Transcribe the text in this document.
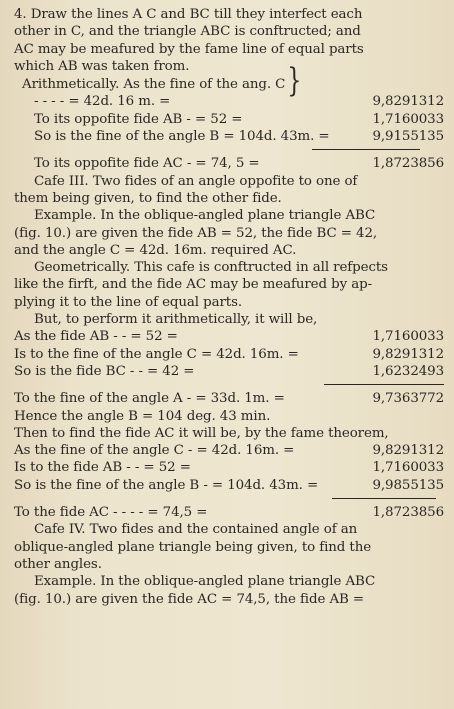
4. Draw the lines A C and BC till they interfect each
other in C, and the triangle ABC is conftructed; and
AC may be meafured by the fame line of equal parts
which AB was taken from.
Arithmetically. As the fine of the ang. C}
- - - - = 42d. 16 m. =	9,8291312
To its oppofite fide AB - = 52 =	1,7160033
So is the fine of the angle B = 104d. 43m. =	9,9155135
To its oppofite fide AC - = 74, 5 =	1,8723856
Cafe III. Two fides of an angle oppofite to one of
them being given, to find the other fide.
Example. In the oblique-angled plane triangle ABC
(fig. 10.) are given the fide AB = 52, the fide BC = 42,
and the angle C = 42d. 16m. required AC.
Geometrically. This cafe is conftructed in all refpects
like the firft, and the fide AC may be meafured by ap-
plying it to the line of equal parts.
But, to perform it arithmetically, it will be,
As the fide AB - - = 52 =	1,7160033
Is to the fine of the angle C = 42d. 16m. =	9,8291312
So is the fide BC - - = 42 =	1,6232493
To the fine of the angle A - = 33d. 1m. =	9,7363772
Hence the angle B = 104 deg. 43 min.
Then to find the fide AC it will be, by the fame theorem,
As the fine of the angle C - = 42d. 16m. =	9,8291312
Is to the fide AB - - = 52 =	1,7160033
So is the fine of the angle B - = 104d. 43m. =	9,9855135
To the fide AC - - - - = 74,5 =	1,8723856
Cafe IV. Two fides and the contained angle of an
oblique-angled plane triangle being given, to find the
other angles.
Example. In the oblique-angled plane triangle ABC
(fig. 10.) are given the fide AC = 74,5, the fide AB =
